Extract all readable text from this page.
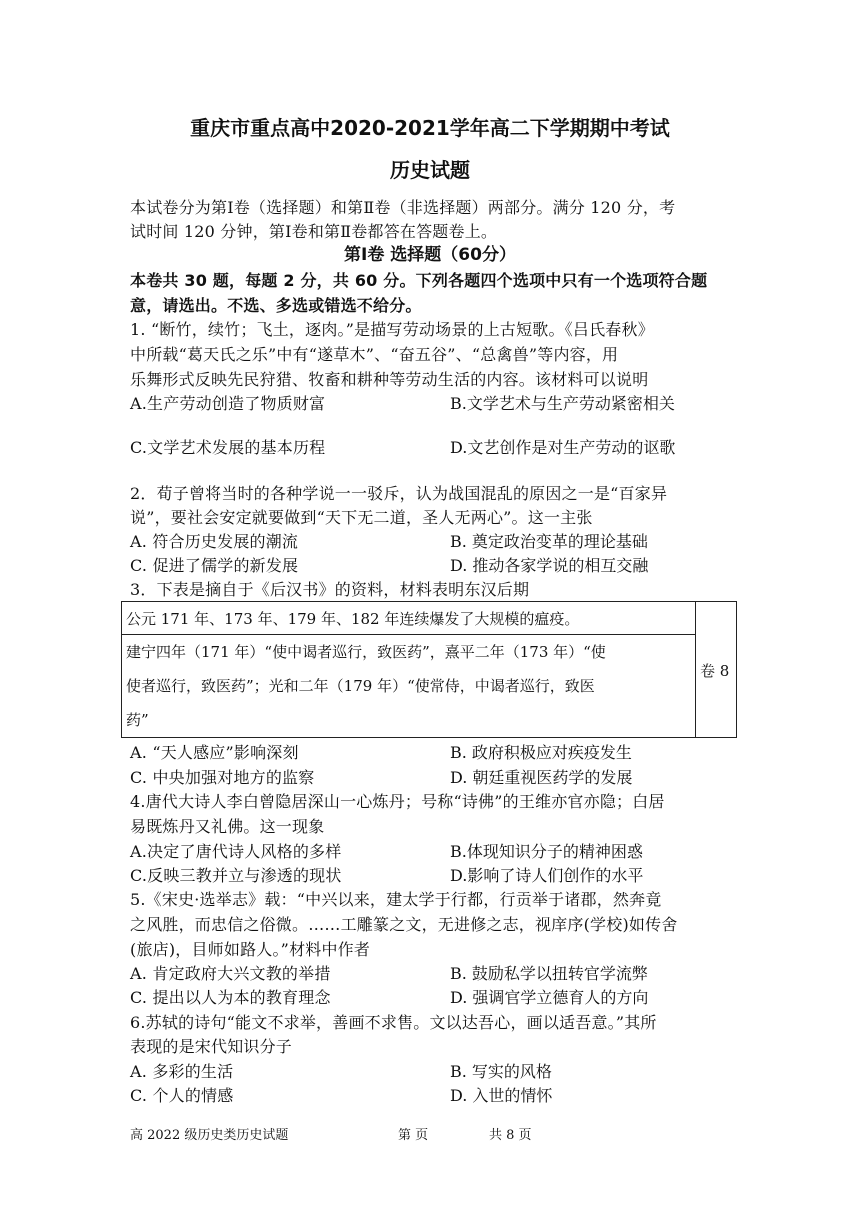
重庆市重点高中2020-2021学年高二下学期期中考试
历史试题
本试卷分为第Ⅰ卷（选择题）和第Ⅱ卷（非选择题）两部分。满分 120 分，考
试时间 120 分钟，第Ⅰ卷和第Ⅱ卷都答在答题卷上。
第Ⅰ卷 选择题（60分）
本卷共 30 题，每题 2 分，共 60 分。下列各题四个选项中只有一个选项符合题
意，请选出。不选、多选或错选不给分。
1. “断竹，续竹；飞土，逐肉。”是描写劳动场景的上古短歌。《吕氏春秋》
中所载“葛天氏之乐”中有“遂草木”、“奋五谷”、“总禽兽”等内容，用
乐舞形式反映先民狩猎、牧畜和耕种等劳动生活的内容。该材料可以说明
A.生产劳动创造了物质财富	B.文学艺术与生产劳动紧密相关
C.文学艺术发展的基本历程	D.文艺创作是对生产劳动的讴歌
2．荀子曾将当时的各种学说一一驳斥，认为战国混乱的原因之一是“百家异
说”，要社会安定就要做到“天下无二道，圣人无两心”。这一主张
A. 符合历史发展的潮流	B. 奠定政治变革的理论基础
C. 促进了儒学的新发展	D. 推动各家学说的相互交融
3．下表是摘自于《后汉书》的资料，材料表明东汉后期
公元 171 年、173 年、179 年、182 年连续爆发了大规模的瘟疫。
建宁四年（171 年）“使中谒者巡行，致医药”，熹平二年（173 年）“使
使者巡行，致医药”；光和二年（179 年）“使常侍，中谒者巡行，致医
药”
卷 8
A. “天人感应”影响深刻	B. 政府积极应对疾疫发生
C. 中央加强对地方的监察	D. 朝廷重视医药学的发展
4.唐代大诗人李白曾隐居深山一心炼丹；号称“诗佛”的王维亦官亦隐；白居
易既炼丹又礼佛。这一现象
A.决定了唐代诗人风格的多样	B.体现知识分子的精神困惑
C.反映三教并立与渗透的现状	D.影响了诗人们创作的水平
5.《宋史·选举志》载：“中兴以来，建太学于行都，行贡举于诸郡，然奔竟
之风胜，而忠信之俗微。……工雕篆之文，无进修之志，视庠序(学校)如传舍
(旅店)，目师如路人。”材料中作者
A. 肯定政府大兴文教的举措	B. 鼓励私学以扭转官学流弊
C. 提出以人为本的教育理念	D. 强调官学立德育人的方向
6.苏轼的诗句“能文不求举，善画不求售。文以达吾心，画以适吾意。”其所
表现的是宋代知识分子
A. 多彩的生活	B. 写实的风格
C. 个人的情感	D. 入世的情怀
高 2022 级历史类历史试题	第 页	共 8 页
